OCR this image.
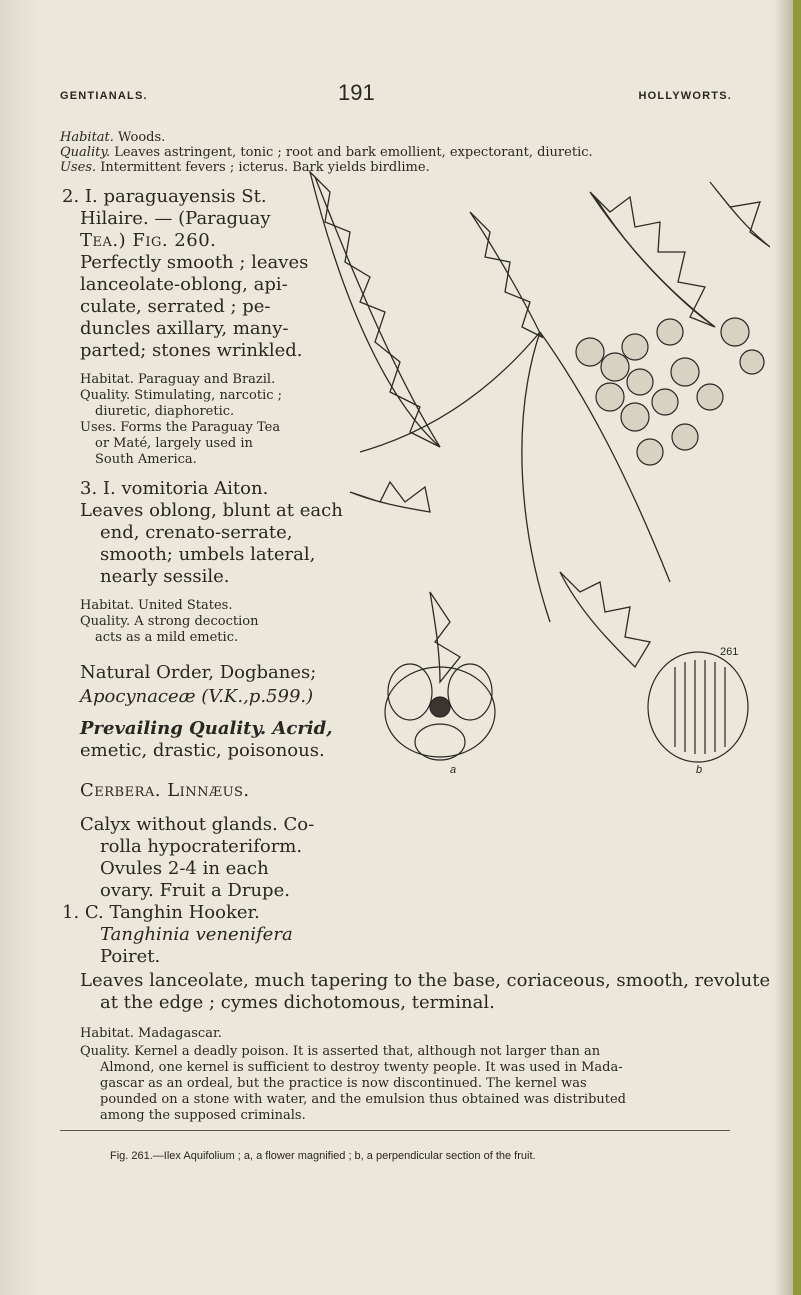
GENTIANALS.	191	HOLLYWORTS.
Habitat. Woods.
Quality. Leaves astringent, tonic ; root and bark emollient, expectorant, diuretic.
Uses. Intermittent fevers ; icterus. Bark yields birdlime.
2. I. paraguayensis St.
Hilaire. — (Paraguay
Tea.) Fig. 260.
Perfectly smooth ; leaves
lanceolate-oblong, api-
culate, serrated ; pe-
duncles axillary, many-
parted; stones wrinkled.
Habitat. Paraguay and Brazil.
Quality. Stimulating, narcotic ;
diuretic, diaphoretic.
Uses. Forms the Paraguay Tea
or Maté, largely used in
South America.
3. I. vomitoria Aiton.
Leaves oblong, blunt at each
end, crenato-serrate,
smooth; umbels lateral,
nearly sessile.
Habitat. United States.
Quality. A strong decoction
acts as a mild emetic.
Natural Order, Dogbanes;
Apocynaceæ (V.K.,p.599.)
Prevailing Quality. Acrid,
emetic, drastic, poisonous.
Cerbera. Linnæus.
Calyx without glands. Co-
rolla hypocrateriform.
Ovules 2-4 in each
ovary. Fruit a Drupe.
1. C. Tanghin Hooker.
Tanghinia venenifera
Poiret.
Leaves lanceolate, much tapering to the base, coriaceous, smooth, revolute
at the edge ; cymes dichotomous, terminal.
Habitat. Madagascar.
Quality. Kernel a deadly poison. It is asserted that, although not larger than an
Almond, one kernel is sufficient to destroy twenty people. It was used in Mada-
gascar as an ordeal, but the practice is now discontinued. The kernel was
pounded on a stone with water, and the emulsion thus obtained was distributed
among the supposed criminals.
Fig. 261.—Ilex Aquifolium ; a, a flower magnified ; b, a perpendicular section of the fruit.
261
a	b
